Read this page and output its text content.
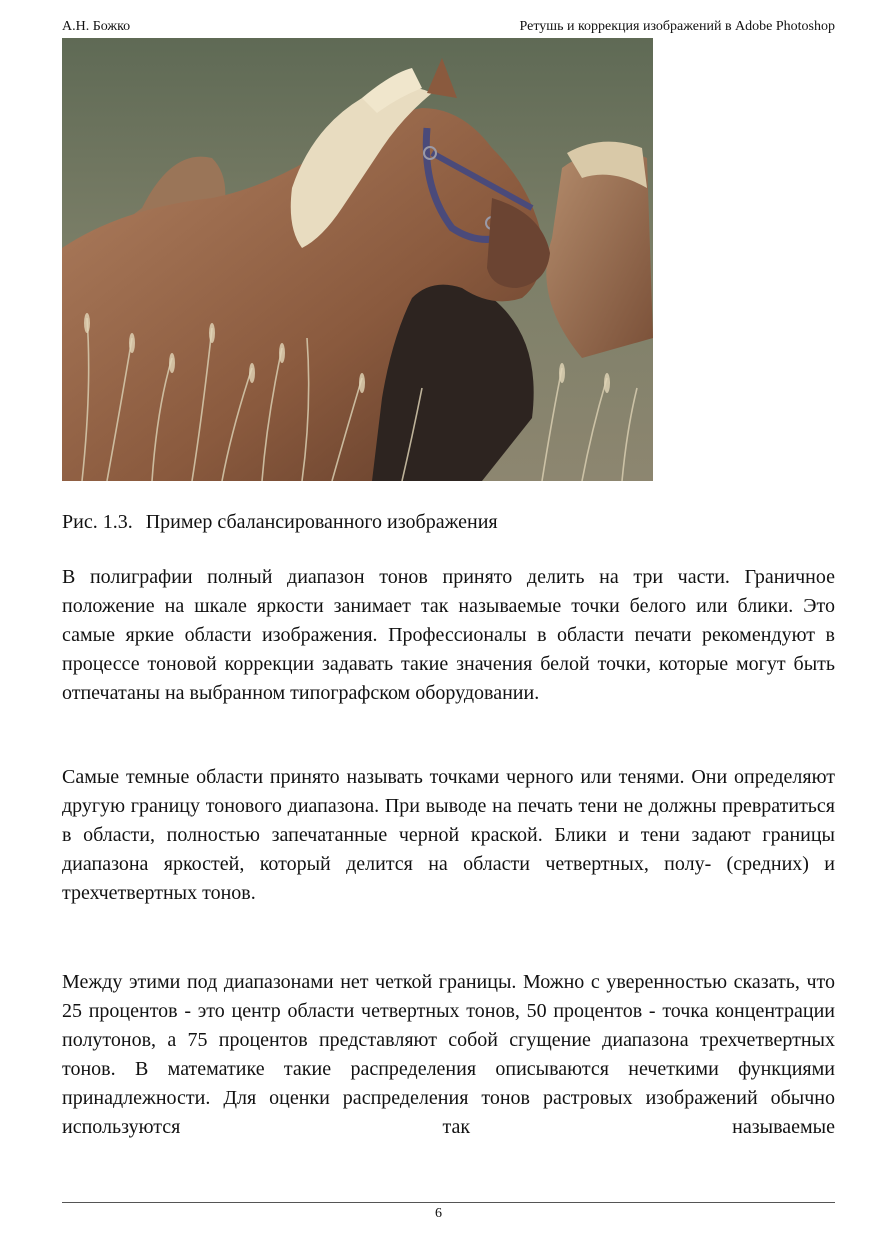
А.Н. Божко	Ретушь и коррекция изображений в Adobe Photoshop
Рис. 1.3. Пример сбалансированного изображения

В полиграфии полный диапазон тонов принято делить на три части. Граничное положение на шкале яркости занимает так называемые точки белого или блики. Это самые яркие области изображения. Профессионалы в области печати рекомендуют в процессе тоновой коррекции задавать такие значения белой точки, которые могут быть отпечатаны на выбранном типографском оборудовании.

Самые темные области принято называть точками черного или тенями. Они определяют другую границу тонового диапазона. При выводе на печать тени не должны превратиться в области, полностью запечатанные черной краской. Блики и тени задают границы диапазона яркостей, который делится на области четвертных, полу- (средних) и трехчетвертных тонов.

Между этими под диапазонами нет четкой границы. Можно с уверенностью сказать, что 25 процентов - это центр области четвертных тонов, 50 процентов - точка концентрации полутонов, а 75 процентов представляют собой сгущение диапазона трехчетвертных тонов. В математике такие распределения описываются нечеткими функциями принадлежности. Для оценки распределения тонов растровых изображений обычно используются так называемые

6
